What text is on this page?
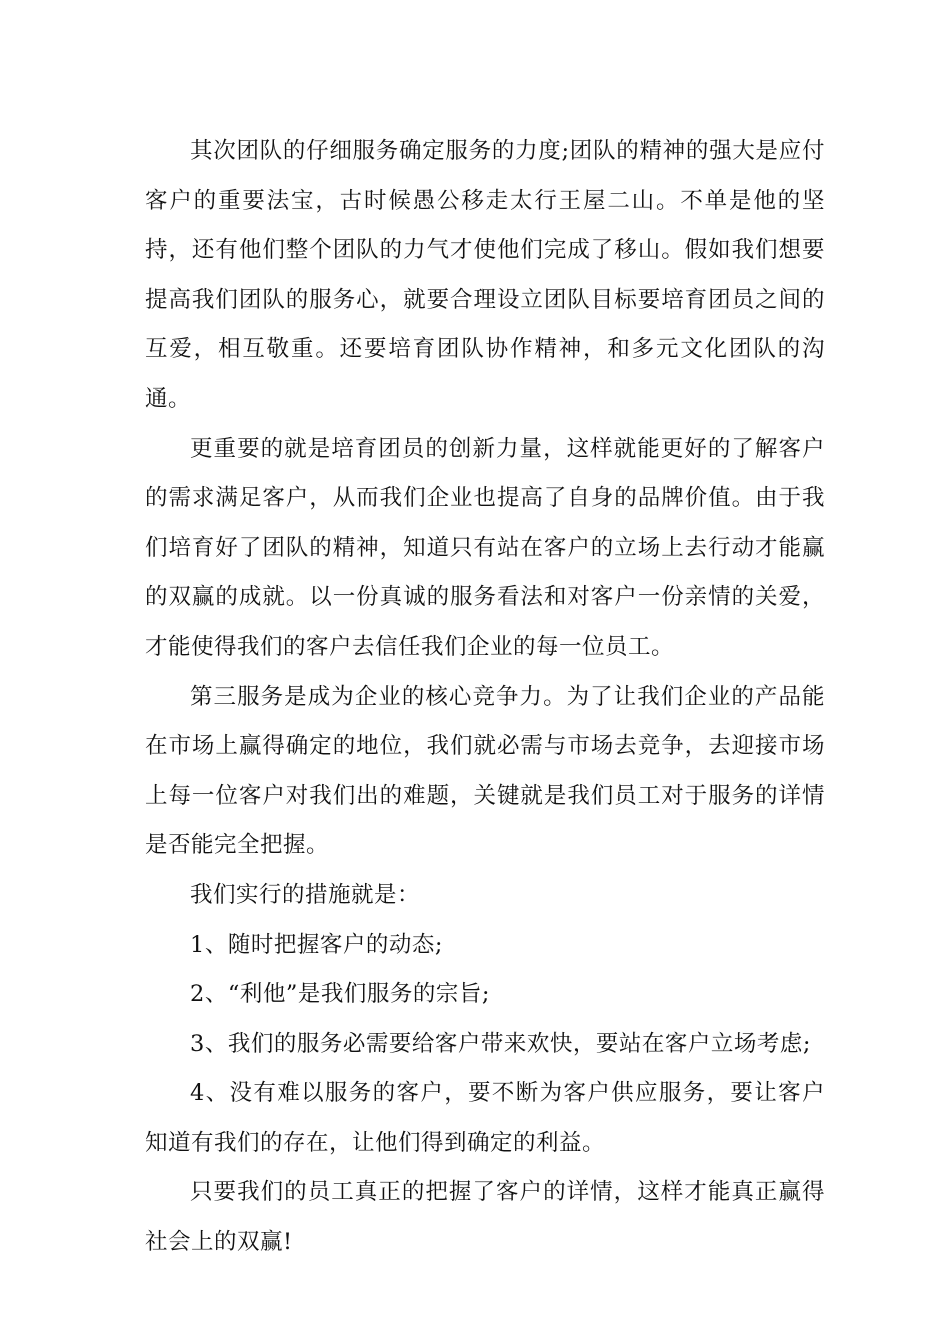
其次团队的仔细服务确定服务的力度;团队的精神的强大是应付客户的重要法宝，古时候愚公移走太行王屋二山。不单是他的坚持，还有他们整个团队的力气才使他们完成了移山。假如我们想要提高我们团队的服务心，就要合理设立团队目标要培育团员之间的互爱，相互敬重。还要培育团队协作精神，和多元文化团队的沟通。

更重要的就是培育团员的创新力量，这样就能更好的了解客户的需求满足客户，从而我们企业也提高了自身的品牌价值。由于我们培育好了团队的精神，知道只有站在客户的立场上去行动才能赢的双赢的成就。以一份真诚的服务看法和对客户一份亲情的关爱，才能使得我们的客户去信任我们企业的每一位员工。

第三服务是成为企业的核心竞争力。为了让我们企业的产品能在市场上赢得确定的地位，我们就必需与市场去竞争，去迎接市场上每一位客户对我们出的难题，关键就是我们员工对于服务的详情是否能完全把握。

我们实行的措施就是：

1、随时把握客户的动态;

2、“利他”是我们服务的宗旨;

3、我们的服务必需要给客户带来欢快，要站在客户立场考虑;

4、没有难以服务的客户，要不断为客户供应服务，要让客户知道有我们的存在，让他们得到确定的利益。

只要我们的员工真正的把握了客户的详情，这样才能真正赢得社会上的双赢!
